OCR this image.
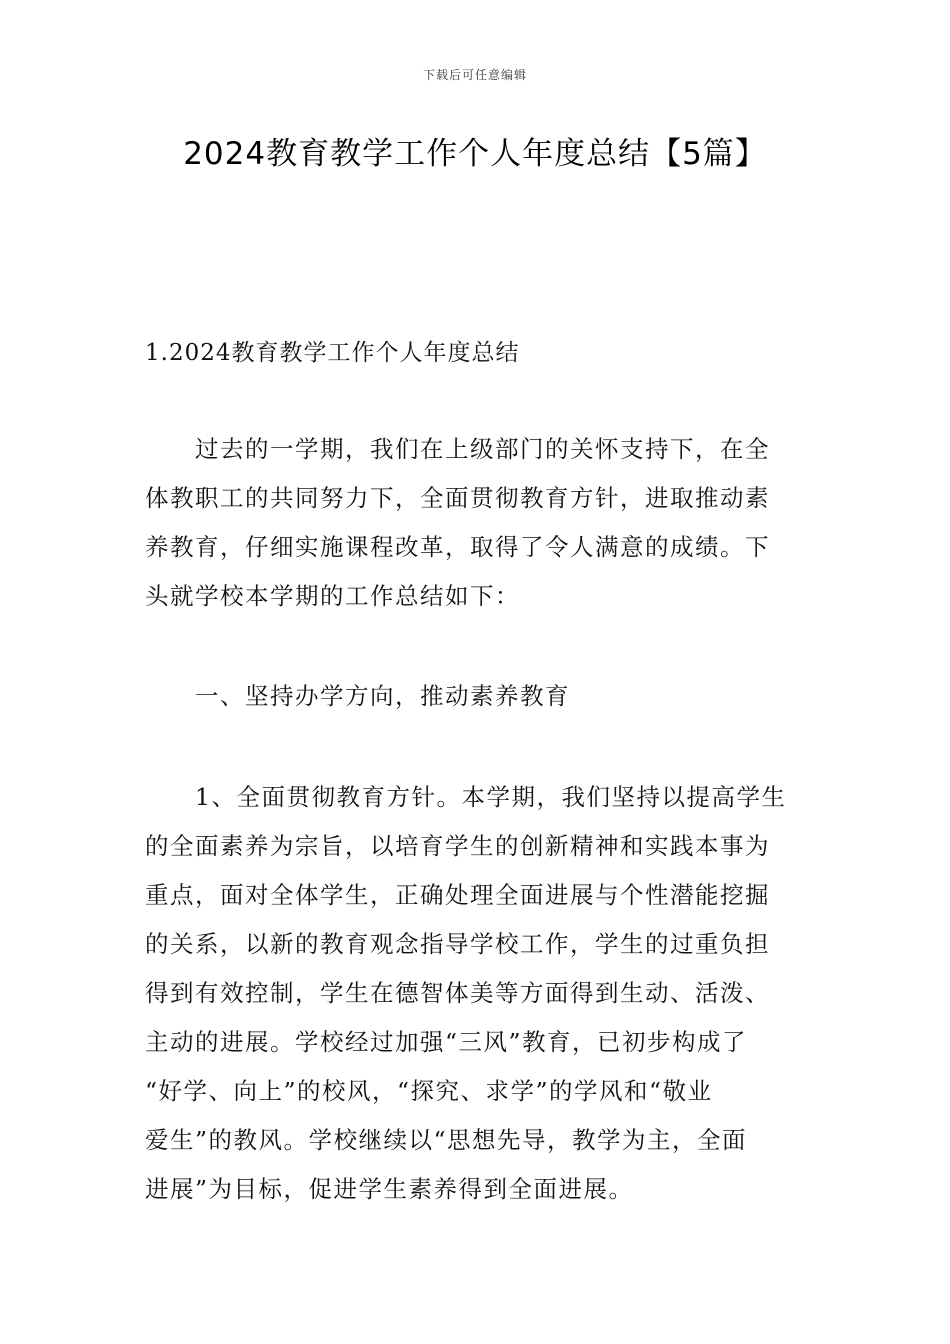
下载后可任意编辑
2024教育教学工作个人年度总结【5篇】
1.2024教育教学工作个人年度总结
过去的一学期，我们在上级部门的关怀支持下，在全
体教职工的共同努力下，全面贯彻教育方针，进取推动素
养教育，仔细实施课程改革，取得了令人满意的成绩。下
头就学校本学期的工作总结如下：
一、坚持办学方向，推动素养教育
1、全面贯彻教育方针。本学期，我们坚持以提高学生
的全面素养为宗旨，以培育学生的创新精神和实践本事为
重点，面对全体学生，正确处理全面进展与个性潜能挖掘
的关系，以新的教育观念指导学校工作，学生的过重负担
得到有效控制，学生在德智体美等方面得到生动、活泼、
主动的进展。学校经过加强“三风”教育，已初步构成了
“好学、向上”的校风，“探究、求学”的学风和“敬业
爱生”的教风。学校继续以“思想先导，教学为主，全面
进展”为目标，促进学生素养得到全面进展。
